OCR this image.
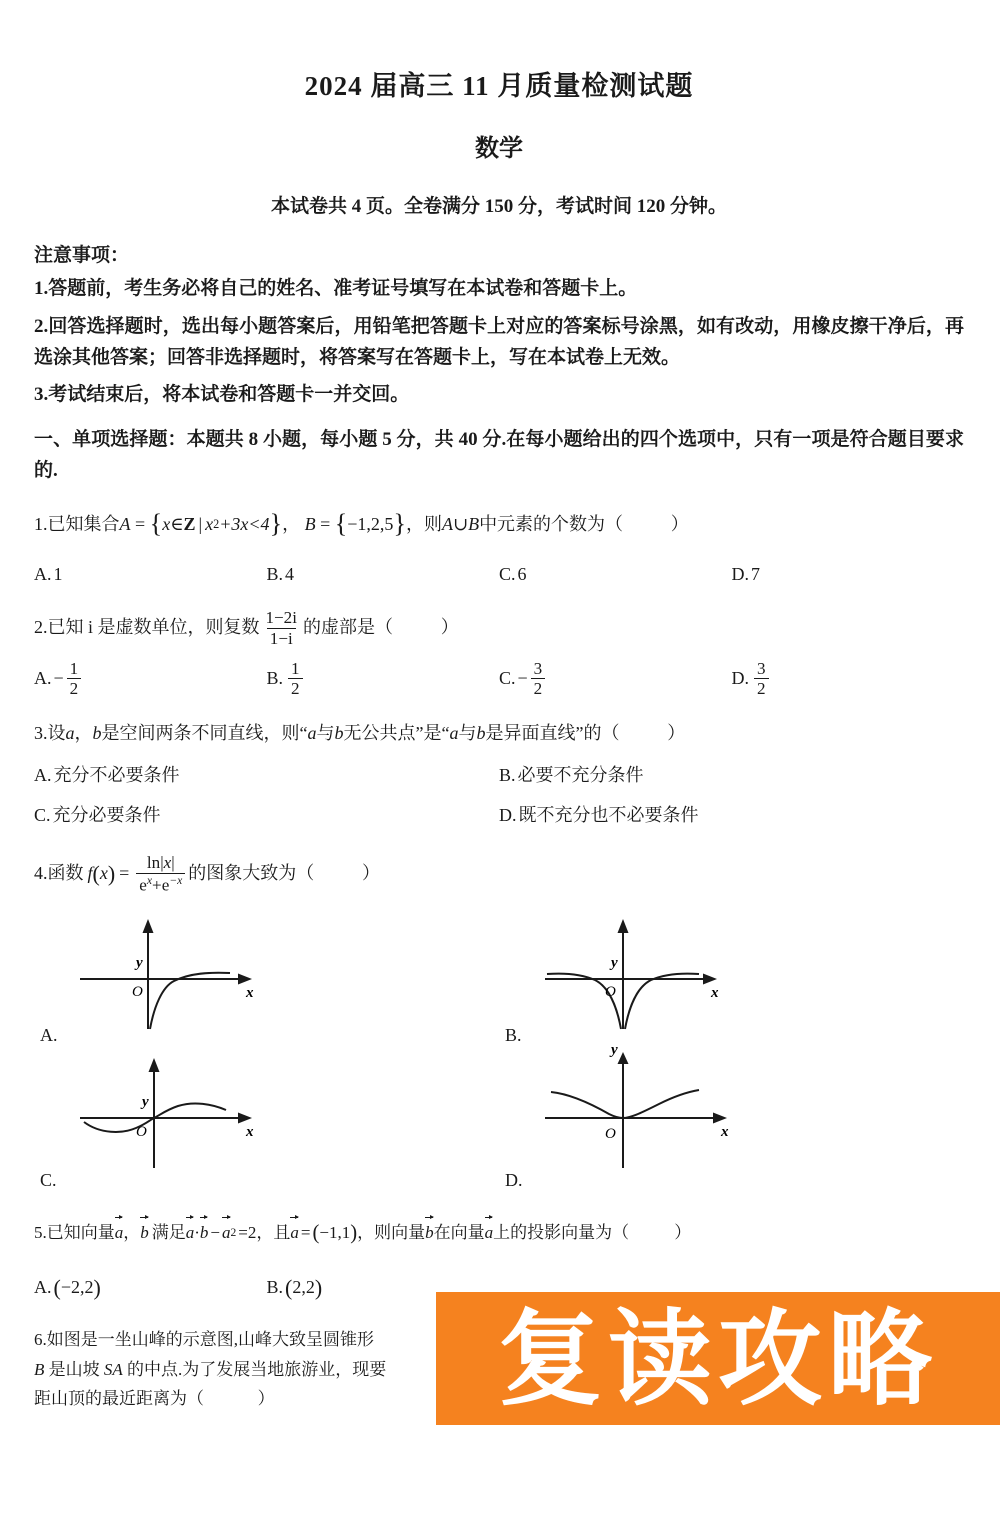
2024 届高三 11 月质量检测试题
数学
本试卷共 4 页。全卷满分 150 分，考试时间 120 分钟。
注意事项：
1.答题前，考生务必将自己的姓名、准考证号填写在本试卷和答题卡上。
2.回答选择题时，选出每小题答案后，用铅笔把答题卡上对应的答案标号涂黑，如有改动，用橡皮擦干净后，再选涂其他答案；回答非选择题时，将答案写在答题卡上，写在本试卷上无效。
3.考试结束后，将本试卷和答题卡一并交回。
一、单项选择题：本题共 8 小题，每小题 5 分，共 40 分.在每小题给出的四个选项中，只有一项是符合题目要求的.
1. 已知集合 A = { x ∈ Z | x 2 +3x<4 } ， B = { −1,2,5 } ，则 A ∪ B 中元素的个数为（
	）
A. 1	B. 4	C. 6	D. 7
2. 已知 i 是虚数单位，则复数 $\frac{1-2i}{1-i}$ 的虚部是（
	）
A. − $\frac{1}{2}$	B. $\frac{1}{2}$	C. − $\frac{3}{2}$	D. $\frac{3}{2}$
3. 设 a ， b 是空间两条不同直线，则“ a 与 b 无公共点 ”是“ a 与 b 是异面直线 ”的（
	）
A. 充分不必要条件	B. 必要不充分条件
C. 充分必要条件	D. 既不充分也不必要条件
4. 函数 f ( x ) = $\frac{\ln|x|}{e^x+e^{-x}}$ 的图象大致为（
	）
y
x
O
A.
y
x
O
B.
y
x
O
C.
y
x
O
D.
5. 已知向量 a ， b 满足 a · b − a 2 =2 ，且 a = ( −1,1 ) ，则向量 b 在向量 a 上的投影向量为（
	）
A. ( −2,2 )	B. ( 2,2 )
6.如图是一坐山峰的示意图,山峰大致呈圆锥形
B 是山坡 SA 的中点.为了发展当地旅游业，现要
距山顶的最近距离为（	）	复读攻略
